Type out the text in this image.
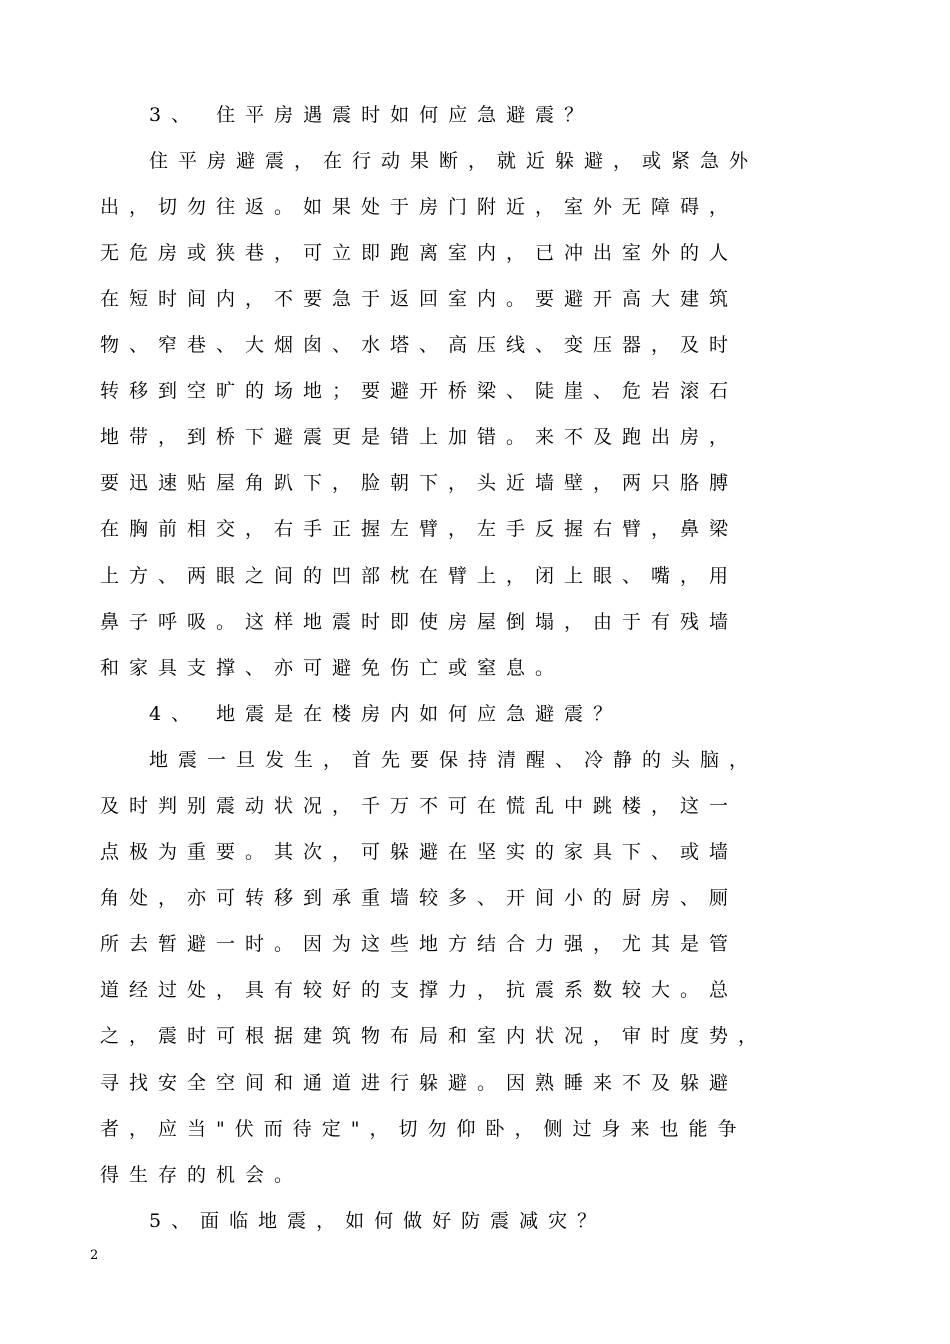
3、 住平房遇震时如何应急避震？
住平房避震，在行动果断，就近躲避，或紧急外
出，切勿往返。如果处于房门附近，室外无障碍，
无危房或狭巷，可立即跑离室内，已冲出室外的人
在短时间内，不要急于返回室内。要避开高大建筑
物、窄巷、大烟囱、水塔、高压线、变压器，及时
转移到空旷的场地；要避开桥梁、陡崖、危岩滚石
地带，到桥下避震更是错上加错。来不及跑出房，
要迅速贴屋角趴下，脸朝下，头近墙壁，两只胳膊
在胸前相交，右手正握左臂，左手反握右臂，鼻梁
上方、两眼之间的凹部枕在臂上，闭上眼、嘴，用
鼻子呼吸。这样地震时即使房屋倒塌，由于有残墙
和家具支撑、亦可避免伤亡或窒息。
4、 地震是在楼房内如何应急避震？
地震一旦发生，首先要保持清醒、冷静的头脑，
及时判别震动状况，千万不可在慌乱中跳楼，这一
点极为重要。其次，可躲避在坚实的家具下、或墙
角处，亦可转移到承重墙较多、开间小的厨房、厕
所去暂避一时。因为这些地方结合力强，尤其是管
道经过处，具有较好的支撑力，抗震系数较大。总
之，震时可根据建筑物布局和室内状况，审时度势，
寻找安全空间和通道进行躲避。因熟睡来不及躲避
者，应当"伏而待定"，切勿仰卧，侧过身来也能争
得生存的机会。
5、面临地震，如何做好防震减灾？
2
